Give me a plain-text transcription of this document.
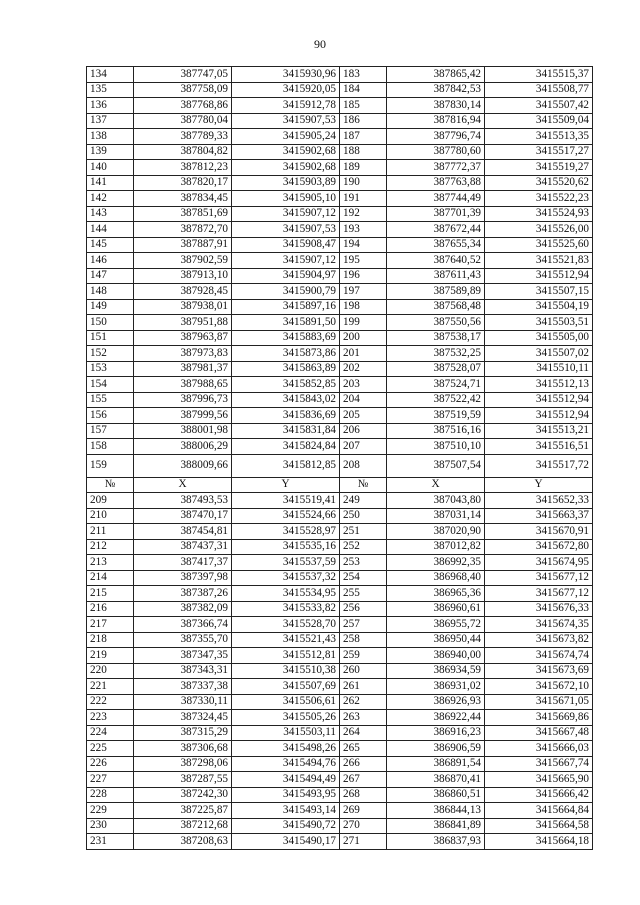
90
134	387747,05	3415930,96	183	387865,42	3415515,37
135	387758,09	3415920,05	184	387842,53	3415508,77
136	387768,86	3415912,78	185	387830,14	3415507,42
137	387780,04	3415907,53	186	387816,94	3415509,04
138	387789,33	3415905,24	187	387796,74	3415513,35
139	387804,82	3415902,68	188	387780,60	3415517,27
140	387812,23	3415902,68	189	387772,37	3415519,27
141	387820,17	3415903,89	190	387763,88	3415520,62
142	387834,45	3415905,10	191	387744,49	3415522,23
143	387851,69	3415907,12	192	387701,39	3415524,93
144	387872,70	3415907,53	193	387672,44	3415526,00
145	387887,91	3415908,47	194	387655,34	3415525,60
146	387902,59	3415907,12	195	387640,52	3415521,83
147	387913,10	3415904,97	196	387611,43	3415512,94
148	387928,45	3415900,79	197	387589,89	3415507,15
149	387938,01	3415897,16	198	387568,48	3415504,19
150	387951,88	3415891,50	199	387550,56	3415503,51
151	387963,87	3415883,69	200	387538,17	3415505,00
152	387973,83	3415873,86	201	387532,25	3415507,02
153	387981,37	3415863,89	202	387528,07	3415510,11
154	387988,65	3415852,85	203	387524,71	3415512,13
155	387996,73	3415843,02	204	387522,42	3415512,94
156	387999,56	3415836,69	205	387519,59	3415512,94
157	388001,98	3415831,84	206	387516,16	3415513,21
158	388006,29	3415824,84	207	387510,10	3415516,51
159	388009,66	3415812,85	208	387507,54	3415517,72
№	X	Y	№	X	Y
209	387493,53	3415519,41	249	387043,80	3415652,33
210	387470,17	3415524,66	250	387031,14	3415663,37
211	387454,81	3415528,97	251	387020,90	3415670,91
212	387437,31	3415535,16	252	387012,82	3415672,80
213	387417,37	3415537,59	253	386992,35	3415674,95
214	387397,98	3415537,32	254	386968,40	3415677,12
215	387387,26	3415534,95	255	386965,36	3415677,12
216	387382,09	3415533,82	256	386960,61	3415676,33
217	387366,74	3415528,70	257	386955,72	3415674,35
218	387355,70	3415521,43	258	386950,44	3415673,82
219	387347,35	3415512,81	259	386940,00	3415674,74
220	387343,31	3415510,38	260	386934,59	3415673,69
221	387337,38	3415507,69	261	386931,02	3415672,10
222	387330,11	3415506,61	262	386926,93	3415671,05
223	387324,45	3415505,26	263	386922,44	3415669,86
224	387315,29	3415503,11	264	386916,23	3415667,48
225	387306,68	3415498,26	265	386906,59	3415666,03
226	387298,06	3415494,76	266	386891,54	3415667,74
227	387287,55	3415494,49	267	386870,41	3415665,90
228	387242,30	3415493,95	268	386860,51	3415666,42
229	387225,87	3415493,14	269	386844,13	3415664,84
230	387212,68	3415490,72	270	386841,89	3415664,58
231	387208,63	3415490,17	271	386837,93	3415664,18
